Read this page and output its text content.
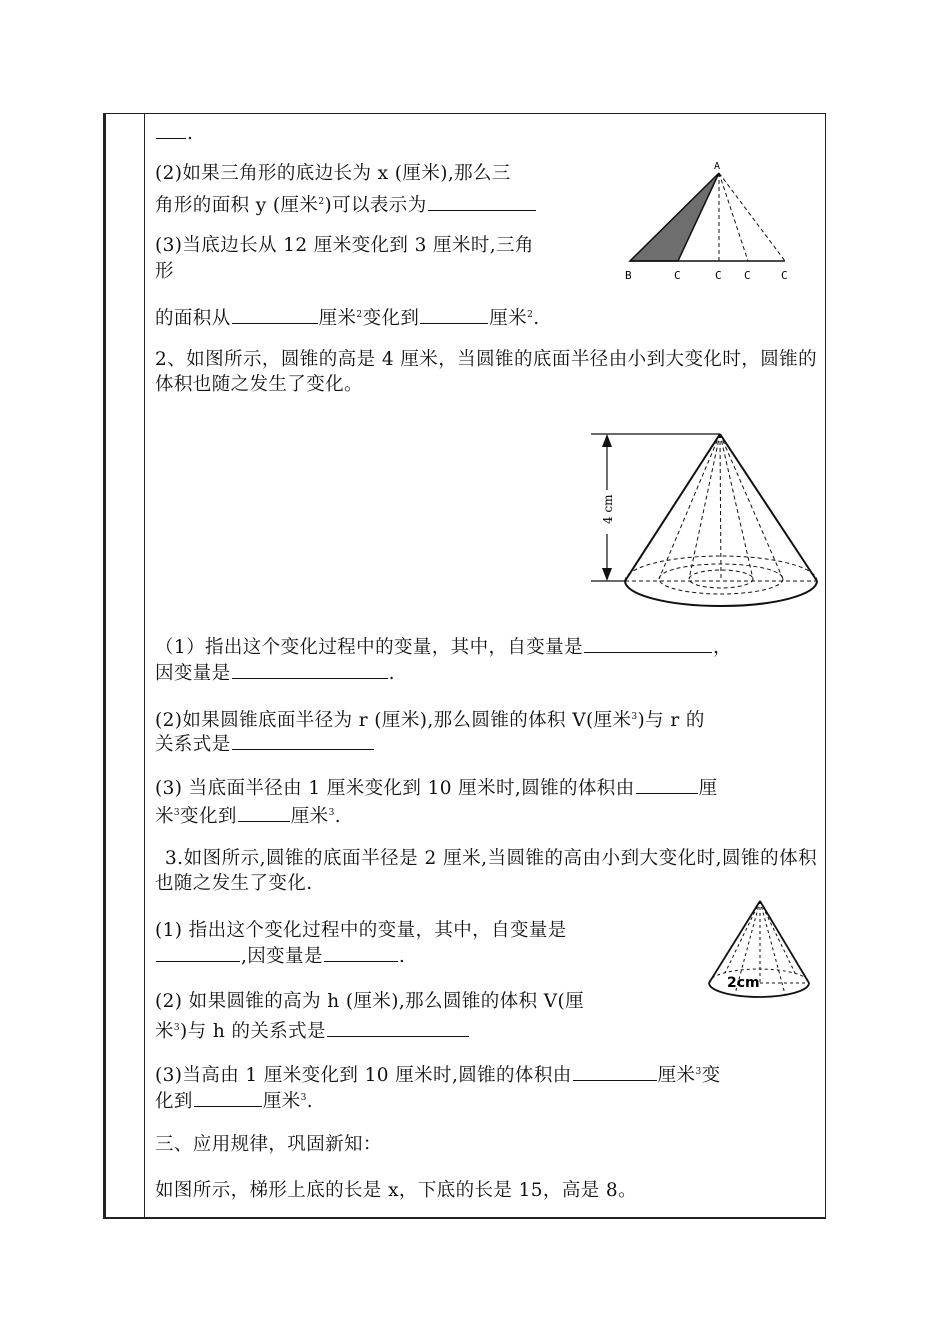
.
(2)如果三角形的底边长为 x (厘米),那么三
角形的面积 y (厘米$^2$)可以表示为
(3)当底边长从 12 厘米变化到 3 厘米时,三角
形
的面积从	厘米$^2$变化到	厘米$^2$.
A
B	C	C C	C
2、如图所示，圆锥的高是 4 厘米，当圆锥的底面半径由小到大变化时，圆锥的体积也随之发生了变化。
4 cm
（1）指出这个变化过程中的变量，其中，自变量是	，
因变量是	.
(2)如果圆锥底面半径为 r (厘米),那么圆锥的体积 V(厘米$^3$)与 r 的
关系式是
(3) 当底面半径由 1 厘米变化到 10 厘米时,圆锥的体积由	厘
米$^3$变化到	厘米$^3$.
3.如图所示,圆锥的底面半径是 2 厘米,当圆锥的高由小到大变化时,圆锥的体积也随之发生了变化.
2cm
(1) 指出这个变化过程中的变量，其中，自变量是
,因变量是	.
(2) 如果圆锥的高为 h (厘米),那么圆锥的体积 V(厘
米$^3$)与 h 的关系式是
(3)当高由 1 厘米变化到 10 厘米时,圆锥的体积由	厘米$^3$变
化到	厘米$^3$.
三、应用规律，巩固新知：
如图所示，梯形上底的长是 x，下底的长是 15，高是 8。
